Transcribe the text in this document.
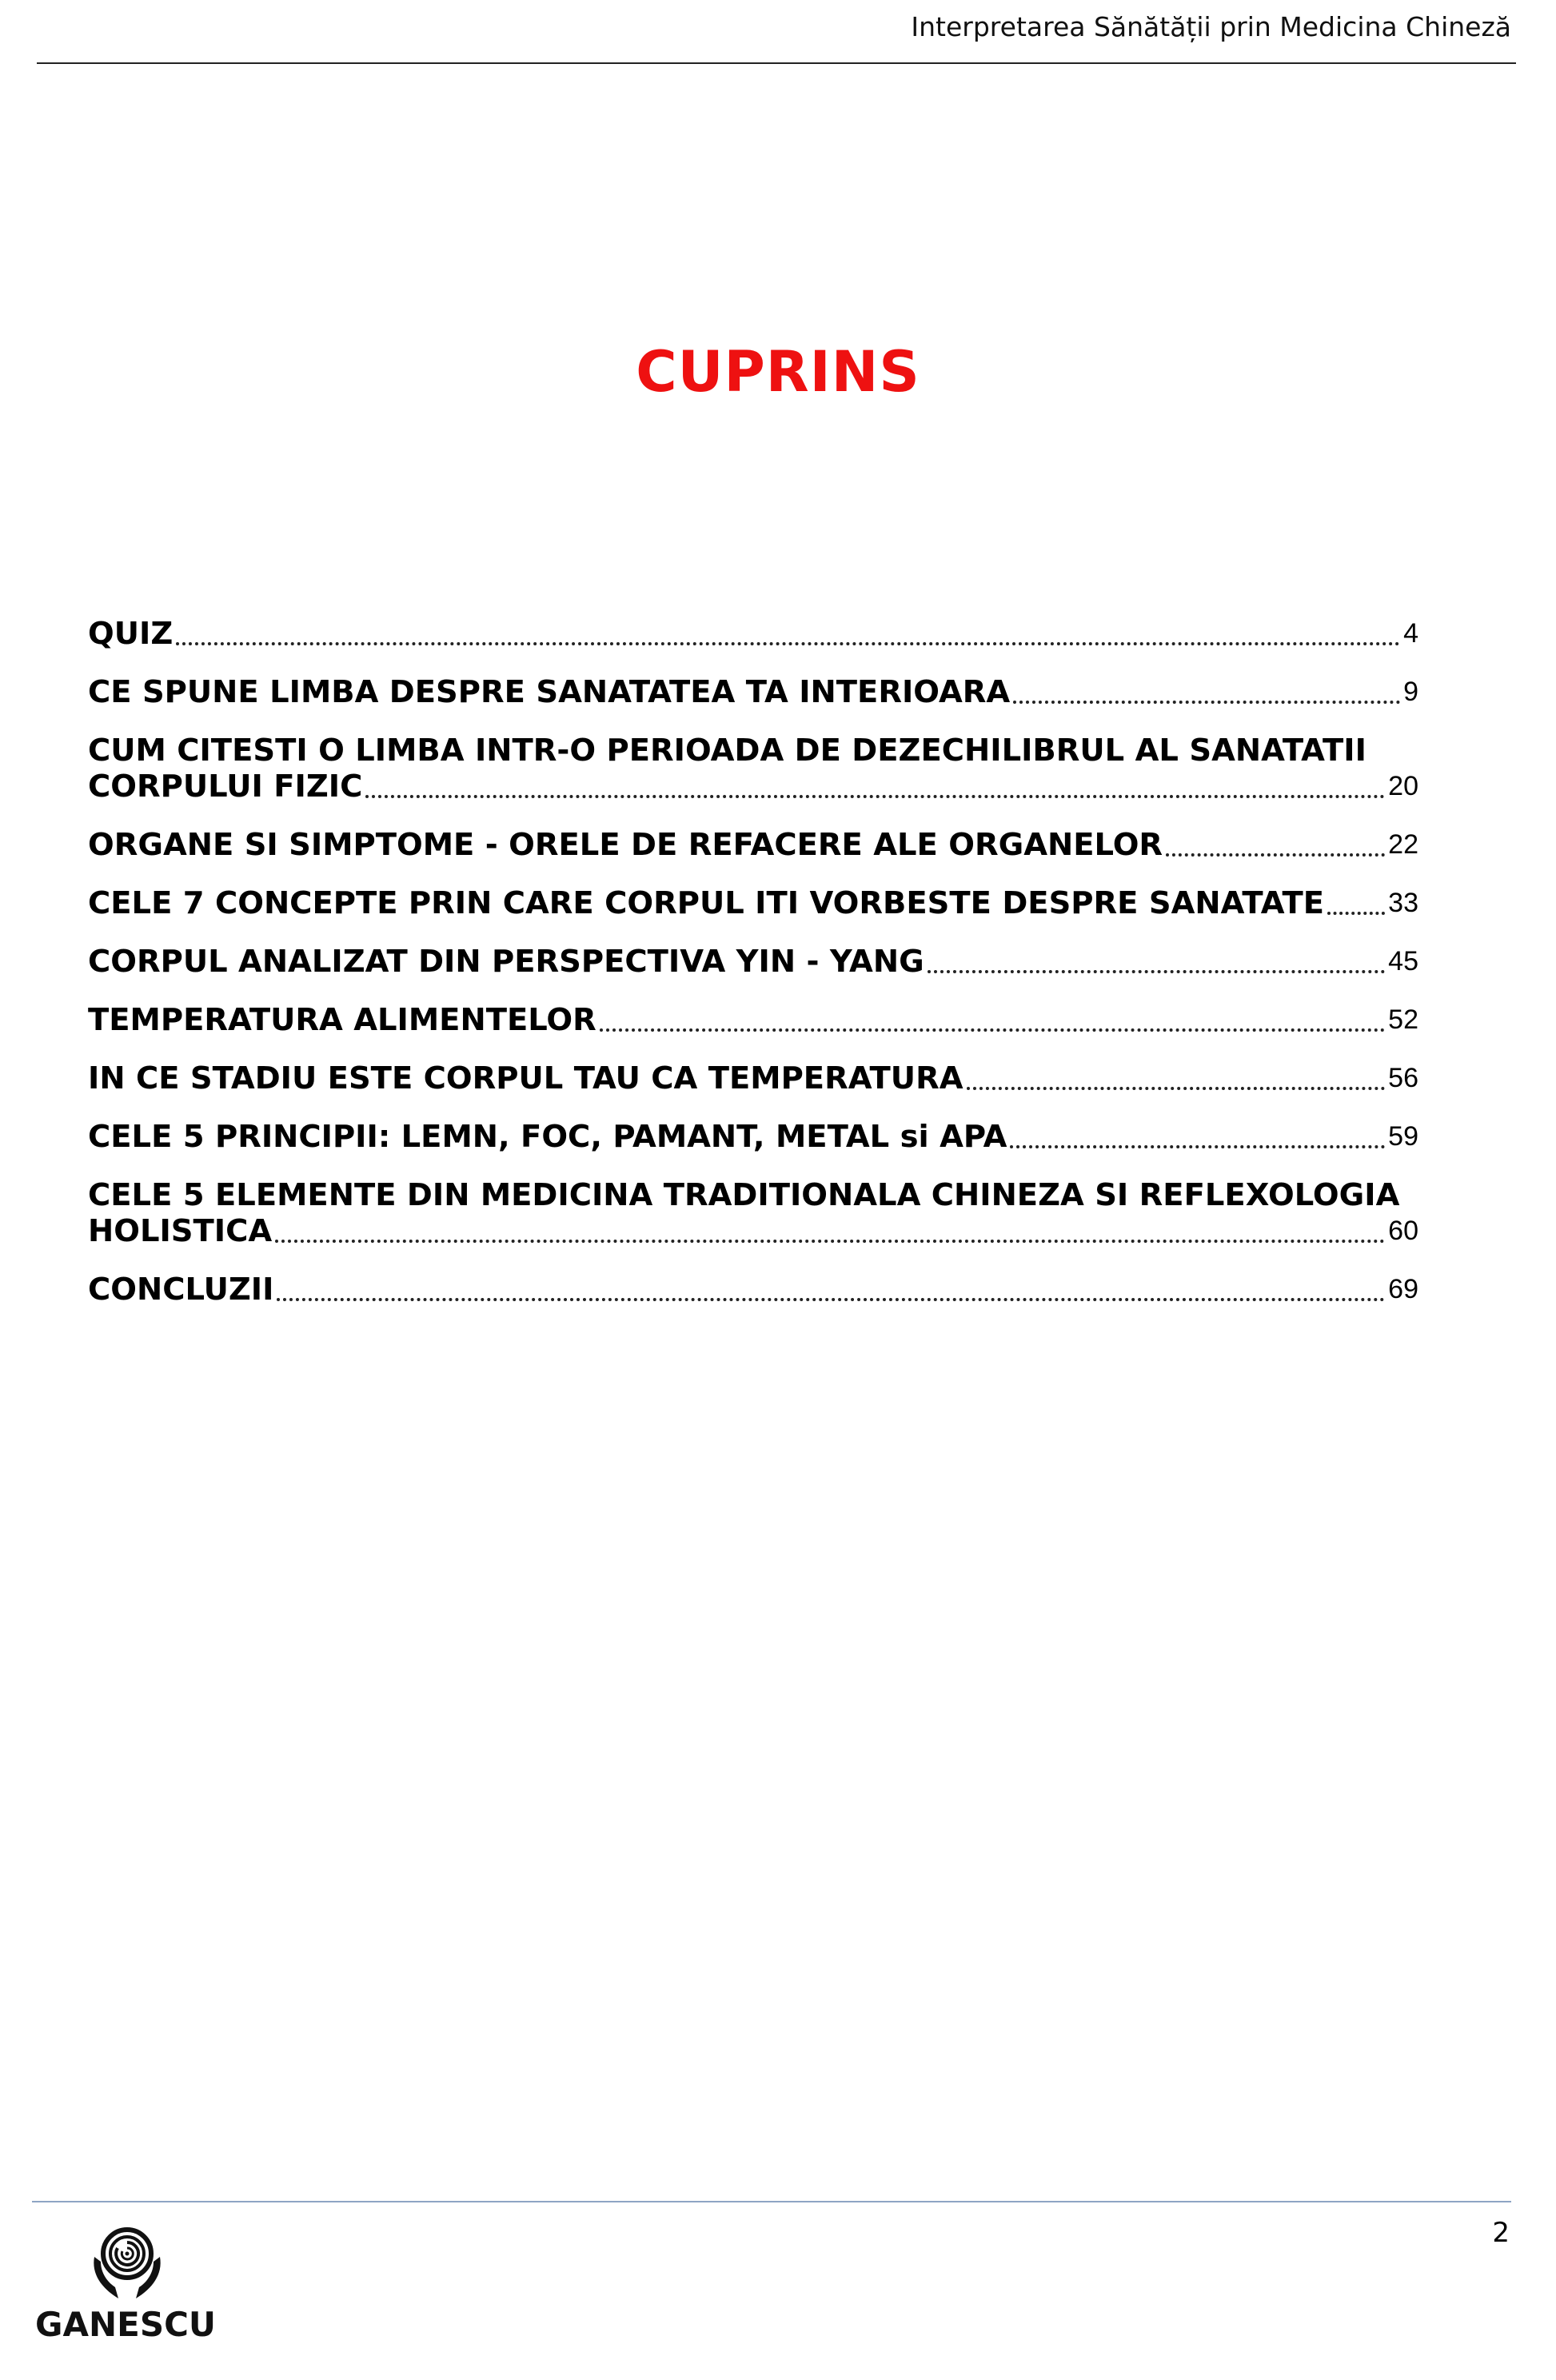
Interpretarea Sănătății prin Medicina Chineză
CUPRINS
QUIZ	4
CE SPUNE LIMBA DESPRE SANATATEA TA INTERIOARA	9
CUM CITESTI O LIMBA INTR-O PERIOADA DE DEZECHILIBRUL AL SANATATII
CORPULUI FIZIC	20
ORGANE SI SIMPTOME - ORELE DE REFACERE ALE ORGANELOR	22
CELE 7 CONCEPTE PRIN CARE CORPUL ITI VORBESTE DESPRE SANATATE 33
CORPUL ANALIZAT DIN PERSPECTIVA YIN - YANG	45
TEMPERATURA ALIMENTELOR	52
IN CE STADIU ESTE CORPUL TAU CA TEMPERATURA	56
CELE 5 PRINCIPII: LEMN, FOC, PAMANT, METAL si APA	59
CELE 5 ELEMENTE DIN MEDICINA TRADITIONALA CHINEZA SI REFLEXOLOGIA
HOLISTICA	60
CONCLUZII	69
2
GANESCU
